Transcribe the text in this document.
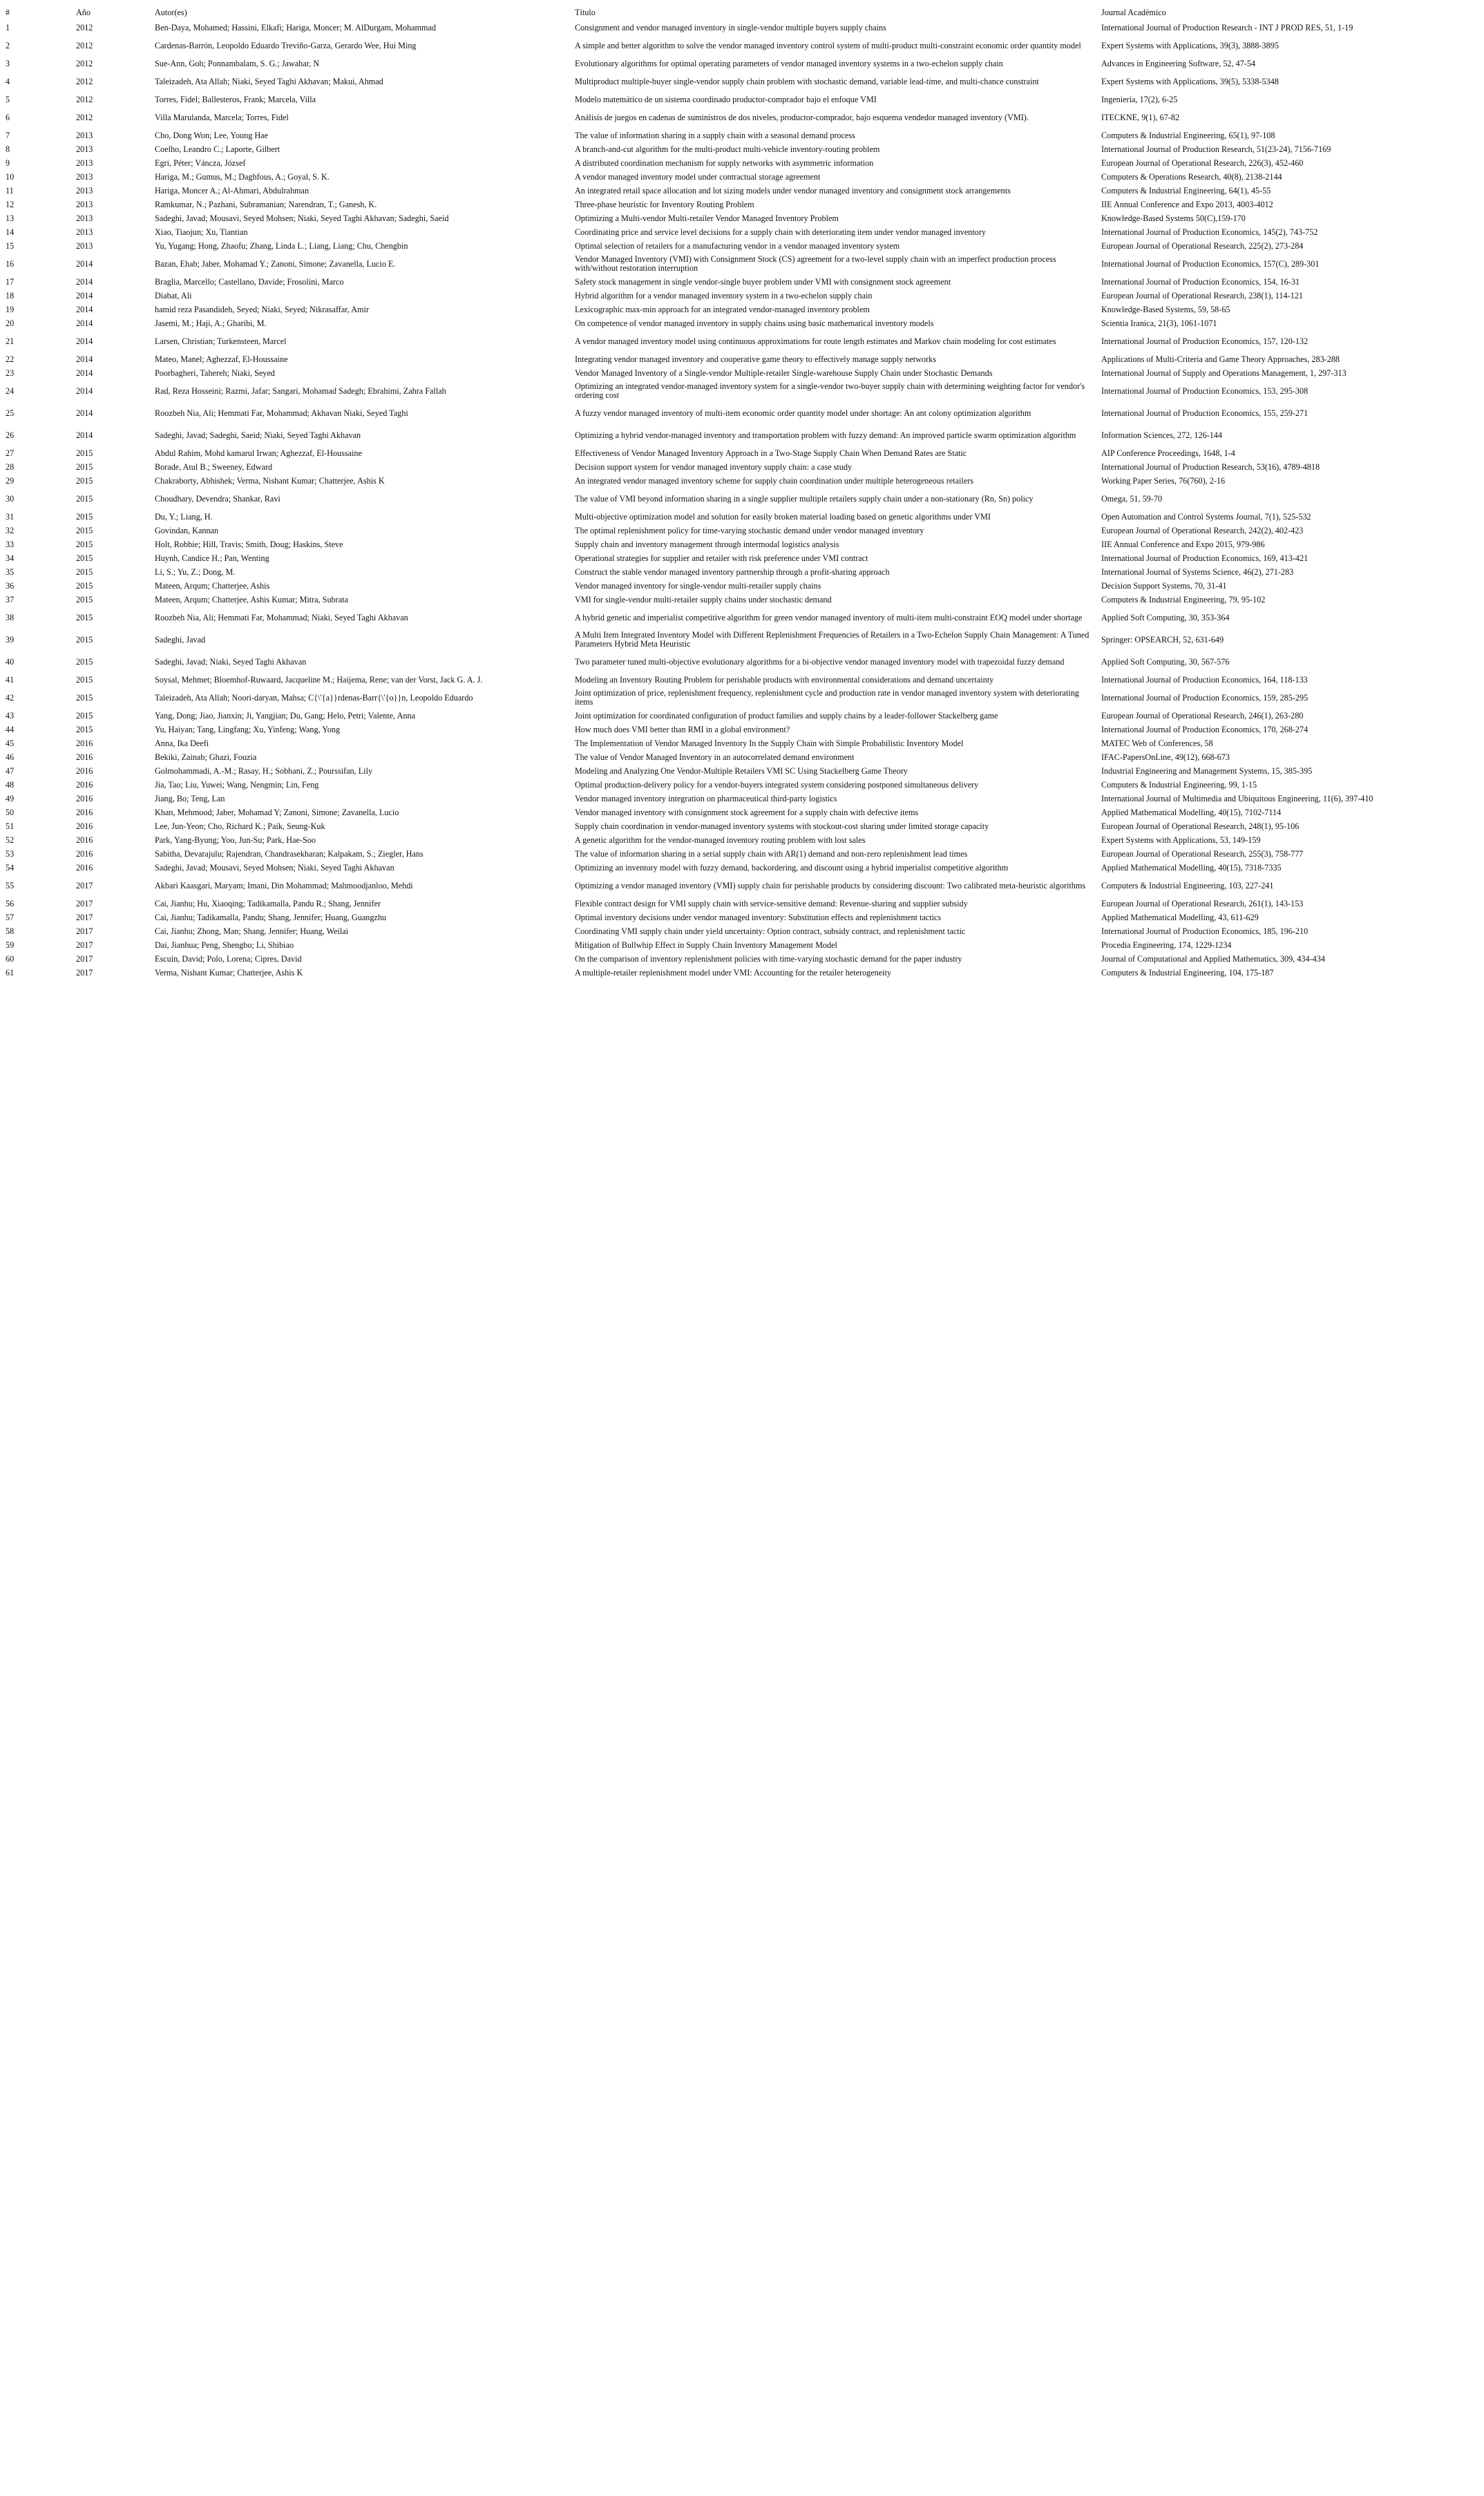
#	Año	Autor(es)	Título	Journal Académico
1	2012	Ben-Daya, Mohamed; Hassini, Elkafi; Hariga, Moncer; M. AlDurgam, Mohammad	Consignment and vendor managed inventory in single-vendor multiple buyers supply chains	International Journal of Production Research - INT J PROD RES, 51, 1-19
2	2012	Cardenas-Barrón, Leopoldo Eduardo Treviño-Garza, Gerardo Wee, Hui Ming	A simple and better algorithm to solve the vendor managed inventory control system of multi-product multi-constraint economic order quantity model	Expert Systems with Applications, 39(3), 3888-3895
3	2012	Sue-Ann, Goh; Ponnambalam, S. G.; Jawahar, N	Evolutionary algorithms for optimal operating parameters of vendor managed inventory systems in a two-echelon supply chain	Advances in Engineering Software, 52, 47-54
4	2012	Taleizadeh, Ata Allah; Niaki, Seyed Taghi Akhavan; Makui, Ahmad	Multiproduct multiple-buyer single-vendor supply chain problem with stochastic demand, variable lead-time, and multi-chance constraint	Expert Systems with Applications, 39(5), 5338-5348
5	2012	Torres, Fidel; Ballesteros, Frank; Marcela, Villa	Modelo matemático de un sistema coordinado productor-comprador bajo el enfoque VMI	Ingeniería, 17(2), 6-25
6	2012	Villa Marulanda, Marcela; Torres, Fidel	Análisis de juegos en cadenas de suministros de dos niveles, productor-comprador, bajo esquema vendedor managed inventory (VMI).	ITECKNE, 9(1), 67-82
7	2013	Cho, Dong Won; Lee, Young Hae	The value of information sharing in a supply chain with a seasonal demand process	Computers & Industrial Engineering, 65(1), 97-108
8	2013	Coelho, Leandro C.; Laporte, Gilbert	A branch-and-cut algorithm for the multi-product multi-vehicle inventory-routing problem	International Journal of Production Research, 51(23-24), 7156-7169
9	2013	Egri, Péter; Váncza, József	A distributed coordination mechanism for supply networks with asymmetric information	European Journal of Operational Research, 226(3), 452-460
10	2013	Hariga, M.; Gumus, M.; Daghfous, A.; Goyal, S. K.	A vendor managed inventory model under contractual storage agreement	Computers & Operations Research, 40(8), 2138-2144
11	2013	Hariga, Moncer A.; Al-Ahmari, Abdulrahman	An integrated retail space allocation and lot sizing models under vendor managed inventory and consignment stock arrangements	Computers & Industrial Engineering, 64(1), 45-55
12	2013	Ramkumar, N.; Pazhani, Subramanian; Narendran, T.; Ganesh, K.	Three-phase heuristic for Inventory Routing Problem	IIE Annual Conference and Expo 2013, 4003-4012
13	2013	Sadeghi, Javad; Mousavi, Seyed Mohsen; Niaki, Seyed Taghi Akhavan; Sadeghi, Saeid	Optimizing a Multi-vendor Multi-retailer Vendor Managed Inventory Problem	Knowledge-Based Systems 50(C),159-170
14	2013	Xiao, Tiaojun; Xu, Tiantian	Coordinating price and service level decisions for a supply chain with deteriorating item under vendor managed inventory	International Journal of Production Economics, 145(2), 743-752
15	2013	Yu, Yugang; Hong, Zhaofu; Zhang, Linda L.; Liang, Liang; Chu, Chengbin	Optimal selection of retailers for a manufacturing vendor in a vendor managed inventory system	European Journal of Operational Research, 225(2), 273-284
16	2014	Bazan, Ehab; Jaber, Mohamad Y.; Zanoni, Simone; Zavanella, Lucio E.	Vendor Managed Inventory (VMI) with Consignment Stock (CS) agreement for a two-level supply chain with an imperfect production process with/without restoration interruption	International Journal of Production Economics, 157(C), 289-301
17	2014	Braglia, Marcello; Castellano, Davide; Frosolini, Marco	Safety stock management in single vendor-single buyer problem under VMI with consignment stock agreement	International Journal of Production Economics, 154, 16-31
18	2014	Diabat, Ali	Hybrid algorithm for a vendor managed inventory system in a two-echelon supply chain	European Journal of Operational Research, 238(1), 114-121
19	2014	hamid reza Pasandideh, Seyed; Niaki, Seyed; Nikrasaffar, Amir	Lexicographic max-min approach for an integrated vendor-managed inventory problem	Knowledge-Based Systems, 59, 58-65
20	2014	Jasemi, M.; Haji, A.; Gharibi, M.	On competence of vendor managed inventory in supply chains using basic mathematical inventory models	Scientia Iranica, 21(3), 1061-1071
21	2014	Larsen, Christian; Turkensteen, Marcel	A vendor managed inventory model using continuous approximations for route length estimates and Markov chain modeling for cost estimates	International Journal of Production Economics, 157, 120-132
22	2014	Mateo, Manel; Aghezzaf, El-Houssaine	Integrating vendor managed inventory and cooperative game theory to effectively manage supply networks	Applications of Multi-Criteria and Game Theory Approaches, 283-288
23	2014	Poorbagheri, Tahereh; Niaki, Seyed	Vendor Managed Inventory of a Single-vendor Multiple-retailer Single-warehouse Supply Chain under Stochastic Demands	International Journal of Supply and Operations Management, 1, 297-313
24	2014	Rad, Reza Hosseini; Razmi, Jafar; Sangari, Mohamad Sadegh; Ebrahimi, Zahra Fallah	Optimizing an integrated vendor-managed inventory system for a single-vendor two-buyer supply chain with determining weighting factor for vendor's ordering cost	International Journal of Production Economics, 153, 295-308
25	2014	Roozbeh Nia, Ali; Hemmati Far, Mohammad; Akhavan Niaki, Seyed Taghi	A fuzzy vendor managed inventory of multi-item economic order quantity model under shortage: An ant colony optimization algorithm	International Journal of Production Economics, 155, 259-271
26	2014	Sadeghi, Javad; Sadeghi, Saeid; Niaki, Seyed Taghi Akhavan	Optimizing a hybrid vendor-managed inventory and transportation problem with fuzzy demand: An improved particle swarm optimization algorithm	Information Sciences, 272, 126-144
27	2015	Abdul Rahim, Mohd kamarul Irwan; Aghezzaf, El-Houssaine	Effectiveness of Vendor Managed Inventory Approach in a Two-Stage Supply Chain When Demand Rates are Static	AIP Conference Proceedings, 1648, 1-4
28	2015	Borade, Atul B.; Sweeney, Edward	Decision support system for vendor managed inventory supply chain: a case study	International Journal of Production Research, 53(16), 4789-4818
29	2015	Chakraborty, Abhishek; Verma, Nishant Kumar; Chatterjee, Ashis K	An integrated vendor managed inventory scheme for supply chain coordination under multiple heterogeneous retailers	Working Paper Series, 76(760), 2-16
30	2015	Choudhary, Devendra; Shankar, Ravi	The value of VMI beyond information sharing in a single supplier multiple retailers supply chain under a non-stationary (Rn, Sn) policy	Omega, 51, 59-70
31	2015	Du, Y.; Liang, H.	Multi-objective optimization model and solution for easily broken material loading based on genetic algorithms under VMI	Open Automation and Control Systems Journal, 7(1), 525-532
32	2015	Govindan, Kannan	The optimal replenishment policy for time-varying stochastic demand under vendor managed inventory	European Journal of Operational Research, 242(2), 402-423
33	2015	Holt, Robbie; Hill, Travis; Smith, Doug; Haskins, Steve	Supply chain and inventory management through intermodal logistics analysis	IIE Annual Conference and Expo 2015, 979-986
34	2015	Huynh, Candice H.; Pan, Wenting	Operational strategies for supplier and retailer with risk preference under VMI contract	International Journal of Production Economics, 169, 413-421
35	2015	Li, S.; Yu, Z.; Dong, M.	Construct the stable vendor managed inventory partnership through a profit-sharing approach	International Journal of Systems Science, 46(2), 271-283
36	2015	Mateen, Arqum; Chatterjee, Ashis	Vendor managed inventory for single-vendor multi-retailer supply chains	Decision Support Systems, 70, 31-41
37	2015	Mateen, Arqum; Chatterjee, Ashis Kumar; Mitra, Subrata	VMI for single-vendor multi-retailer supply chains under stochastic demand	Computers & Industrial Engineering, 79, 95-102
38	2015	Roozbeh Nia, Ali; Hemmati Far, Mohammad; Niaki, Seyed Taghi Akhavan	A hybrid genetic and imperialist competitive algorithm for green vendor managed inventory of multi-item multi-constraint EOQ model under shortage	Applied Soft Computing, 30, 353-364
39	2015	Sadeghi, Javad	A Multi Item Integrated Inventory Model with Different Replenishment Frequencies of Retailers in a Two-Echelon Supply Chain Management: A Tuned Parameters Hybrid Meta Heuristic	Springer: OPSEARCH, 52, 631-649
40	2015	Sadeghi, Javad; Niaki, Seyed Taghi Akhavan	Two parameter tuned multi-objective evolutionary algorithms for a bi-objective vendor managed inventory model with trapezoidal fuzzy demand	Applied Soft Computing, 30, 567-576
41	2015	Soysal, Mehmet; Bloemhof-Ruwaard, Jacqueline M.; Haijema, Rene; van der Vorst, Jack G. A. J.	Modeling an Inventory Routing Problem for perishable products with environmental considerations and demand uncertainty	International Journal of Production Economics, 164, 118-133
42	2015	Taleizadeh, Ata Allah; Noori-daryan, Mahsa; C{\'{a}}rdenas-Barr{\'{o}}n, Leopoldo Eduardo	Joint optimization of price, replenishment frequency, replenishment cycle and production rate in vendor managed inventory system with deteriorating items	International Journal of Production Economics, 159, 285-295
43	2015	Yang, Dong; Jiao, Jianxin; Ji, Yangjian; Du, Gang; Helo, Petri; Valente, Anna	Joint optimization for coordinated configuration of product families and supply chains by a leader-follower Stackelberg game	European Journal of Operational Research, 246(1), 263-280
44	2015	Yu, Haiyan; Tang, Lingfang; Xu, Yinfeng; Wang, Yong	How much does VMI better than RMI in a global environment?	International Journal of Production Economics, 170, 268-274
45	2016	Anna, Ika Deefi	The Implementation of Vendor Managed Inventory In the Supply Chain with Simple Probabilistic Inventory Model	MATEC Web of Conferences, 58
46	2016	Bekiki, Zainab; Ghazi, Fouzia	The value of Vendor Managed Inventory in an autocorrelated demand environment	IFAC-PapersOnLine, 49(12), 668-673
47	2016	Golmohammadi, A.-M.; Rasay, H.; Sobhani, Z.; Pourssifan, Lily	Modeling and Analyzing One Vendor-Multiple Retailers VMI SC Using Stackelberg Game Theory	Industrial Engineering and Management Systems, 15, 385-395
48	2016	Jia, Tao; Liu, Yuwei; Wang, Nengmin; Lin, Feng	Optimal production-delivery policy for a vendor-buyers integrated system considering postponed simultaneous delivery	Computers & Industrial Engineering, 99, 1-15
49	2016	Jiang, Bo; Teng, Lan	Vendor managed inventory integration on pharmaceutical third-party logistics	International Journal of Multimedia and Ubiquitous Engineering, 11(6), 397-410
50	2016	Khan, Mehmood; Jaber, Mohamad Y; Zanoni, Simone; Zavanella, Lucio	Vendor managed inventory with consignment stock agreement for a supply chain with defective items	Applied Mathematical Modelling, 40(15), 7102-7114
51	2016	Lee, Jun-Yeon; Cho, Richard K.; Paik, Seung-Kuk	Supply chain coordination in vendor-managed inventory systems with stockout-cost sharing under limited storage capacity	European Journal of Operational Research, 248(1), 95-106
52	2016	Park, Yang-Byung; Yoo, Jun-Su; Park, Hae-Soo	A genetic algorithm for the vendor-managed inventory routing problem with lost sales	Expert Systems with Applications, 53, 149-159
53	2016	Sabitha, Devarajulu; Rajendran, Chandrasekharan; Kalpakam, S.; Ziegler, Hans	The value of information sharing in a serial supply chain with AR(1) demand and non-zero replenishment lead times	European Journal of Operational Research, 255(3), 758-777
54	2016	Sadeghi, Javad; Mousavi, Seyed Mohsen; Niaki, Seyed Taghi Akhavan	Optimizing an inventory model with fuzzy demand, backordering, and discount using a hybrid imperialist competitive algorithm	Applied Mathematical Modelling, 40(15), 7318-7335
55	2017	Akbari Kaasgari, Maryam; Imani, Din Mohammad; Mahmoodjanloo, Mehdi	Optimizing a vendor managed inventory (VMI) supply chain for perishable products by considering discount: Two calibrated meta-heuristic algorithms	Computers & Industrial Engineering, 103, 227-241
56	2017	Cai, Jianhu; Hu, Xiaoqing; Tadikamalla, Pandu R.; Shang, Jennifer	Flexible contract design for VMI supply chain with service-sensitive demand: Revenue-sharing and supplier subsidy	European Journal of Operational Research, 261(1), 143-153
57	2017	Cai, Jianhu; Tadikamalla, Pandu; Shang, Jennifer; Huang, Guangzhu	Optimal inventory decisions under vendor managed inventory: Substitution effects and replenishment tactics	Applied Mathematical Modelling, 43, 611-629
58	2017	Cai, Jianhu; Zhong, Man; Shang, Jennifer; Huang, Weilai	Coordinating VMI supply chain under yield uncertainty: Option contract, subsidy contract, and replenishment tactic	International Journal of Production Economics, 185, 196-210
59	2017	Dai, Jianhua; Peng, Shengbo; Li, Shibiao	Mitigation of Bullwhip Effect in Supply Chain Inventory Management Model	Procedia Engineering, 174, 1229-1234
60	2017	Escuín, David; Polo, Lorena; Cipres, David	On the comparison of inventory replenishment policies with time-varying stochastic demand for the paper industry	Journal of Computational and Applied Mathematics, 309, 434-434
61	2017	Verma, Nishant Kumar; Chatterjee, Ashis K	A multiple-retailer replenishment model under VMI: Accounting for the retailer heterogeneity	Computers & Industrial Engineering, 104, 175-187
